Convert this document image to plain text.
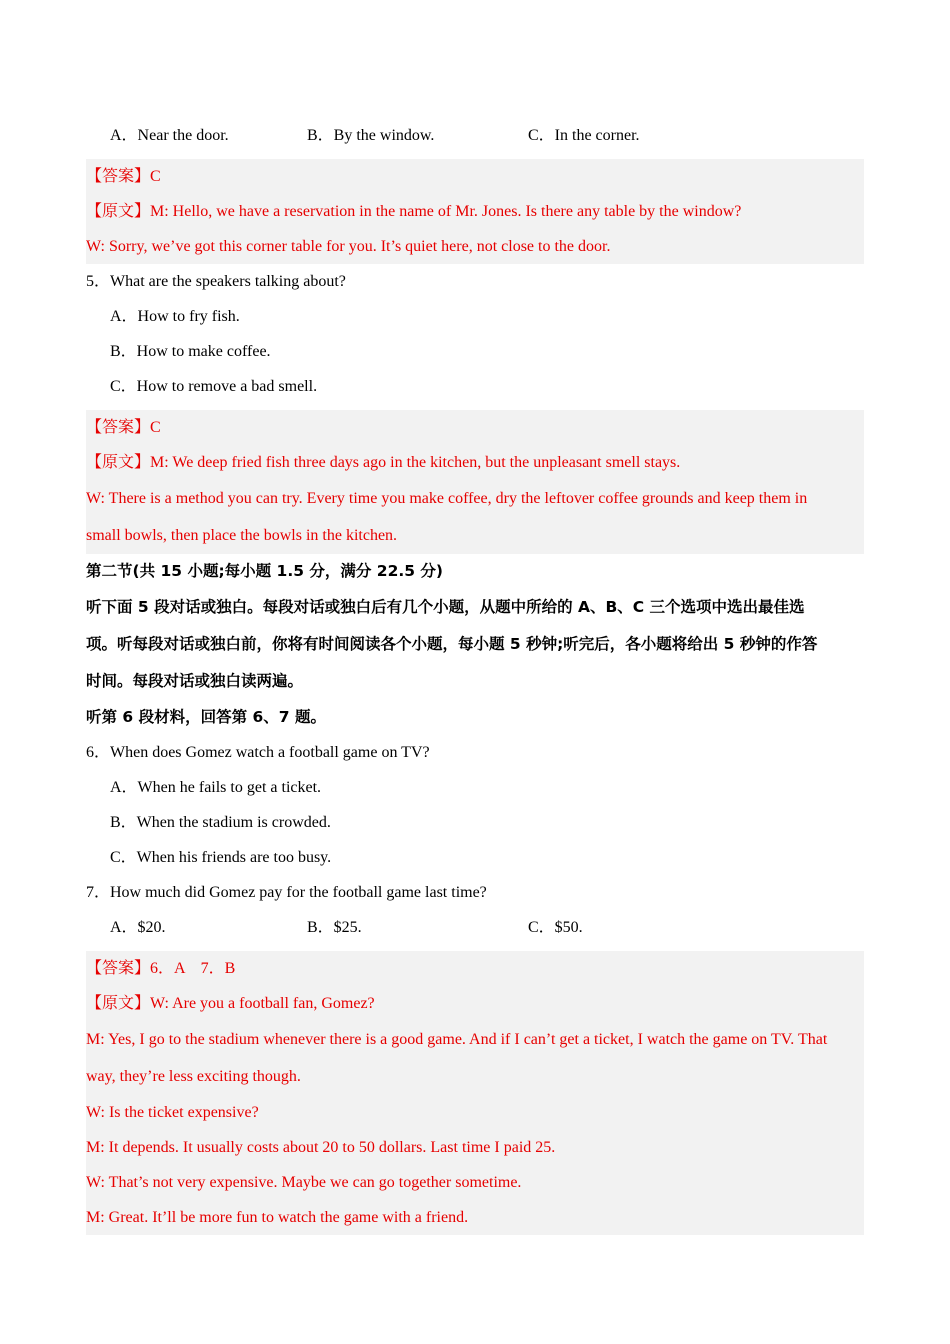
A．Near the door.	B．By the window.	C．In the corner.
【答案】C
【原文】M: Hello, we have a reservation in the name of Mr. Jones. Is there any table by the window?
W: Sorry, we’ve got this corner table for you. It’s quiet here, not close to the door.
5．What are the speakers talking about?
A．How to fry fish.
B．How to make coffee.
C．How to remove a bad smell.
【答案】C
【原文】M: We deep fried fish three days ago in the kitchen, but the unpleasant smell stays.
W: There is a method you can try. Every time you make coffee, dry the leftover coffee grounds and keep them in
small bowls, then place the bowls in the kitchen.
第二节(共 15 小题;每小题 1.5 分，满分 22.5 分)
听下面 5 段对话或独白。每段对话或独白后有几个小题，从题中所给的 A、B、C 三个选项中选出最佳选
项。听每段对话或独白前，你将有时间阅读各个小题，每小题 5 秒钟;听完后，各小题将给出 5 秒钟的作答
时间。每段对话或独白读两遍。
听第 6 段材料，回答第 6、7 题。
6．When does Gomez watch a football game on TV?
A．When he fails to get a ticket.
B．When the stadium is crowded.
C．When his friends are too busy.
7．How much did Gomez pay for the football game last time?
A．$20.	B．$25.	C．$50.
【答案】6．A　7．B
【原文】W: Are you a football fan, Gomez?
M: Yes, I go to the stadium whenever there is a good game. And if I can’t get a ticket, I watch the game on TV. That
way, they’re less exciting though.
W: Is the ticket expensive?
M: It depends. It usually costs about 20 to 50 dollars. Last time I paid 25.
W: That’s not very expensive. Maybe we can go together sometime.
M: Great. It’ll be more fun to watch the game with a friend.
